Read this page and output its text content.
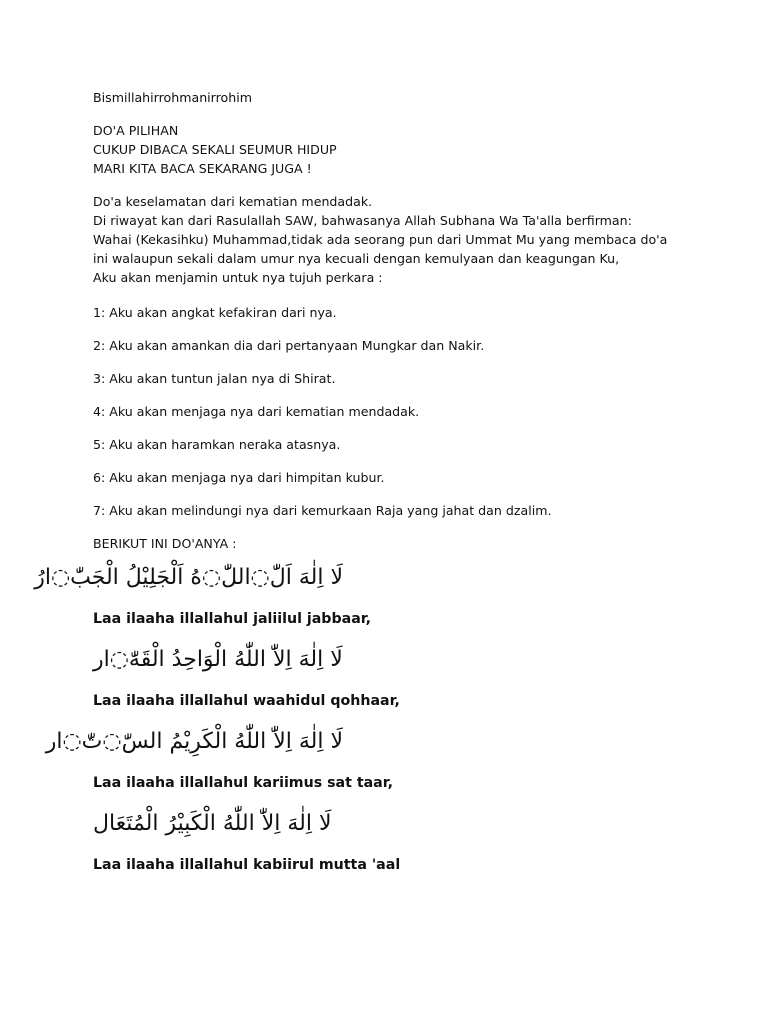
Bismillahirrohmanirrohim

DO'A PILIHAN

CUKUP DIBACA SEKALI SEUMUR HIDUP

MARI KITA BACA SEKARANG JUGA !

Do'a keselamatan dari kematian mendadak.

Di riwayat kan dari Rasulallah SAW, bahwasanya Allah Subhana Wa Ta'alla berfirman:

Wahai (Kekasihku) Muhammad,tidak ada seorang pun dari Ummat Mu yang membaca do'a

ini walaupun sekali dalam umur nya kecuali dengan kemulyaan dan keagungan Ku,

Aku akan menjamin untuk nya tujuh perkara :

1: Aku akan angkat kefakiran dari nya.

2: Aku akan amankan dia dari pertanyaan Mungkar dan Nakir.

3: Aku akan tuntun jalan nya di Shirat.

4: Aku akan menjaga nya dari kematian mendadak.

5: Aku akan haramkan neraka atasnya.

6: Aku akan menjaga nya dari himpitan kubur.

7: Aku akan melindungi nya dari kemurkaan Raja yang jahat dan dzalim.

BERIKUT INI DO'ANYA :

لَا اِلٰهَ اَلّٰ◌اللّٰ◌هُ اَلْجَلِيْلُ الْجَبّٰ◌ارُ

Laa ilaaha illallahul jaliilul jabbaar,

لَا اِلٰهَ اِلاّٰ اللّٰهُ الْوَاحِدُ الْقَهّٰ◌ار

Laa ilaaha illallahul waahidul qohhaar,

لَا اِلٰهَ اِلاّٰ اللّٰهُ الْكَرِيْمُ السّٰ◌تّٰ◌ار

Laa ilaaha illallahul kariimus sat taar,

لَا اِلٰهَ اِلاّٰ اللّٰهُ الْكَبِيْرُ الْمُتَعَال

Laa ilaaha illallahul kabiirul mutta 'aal
